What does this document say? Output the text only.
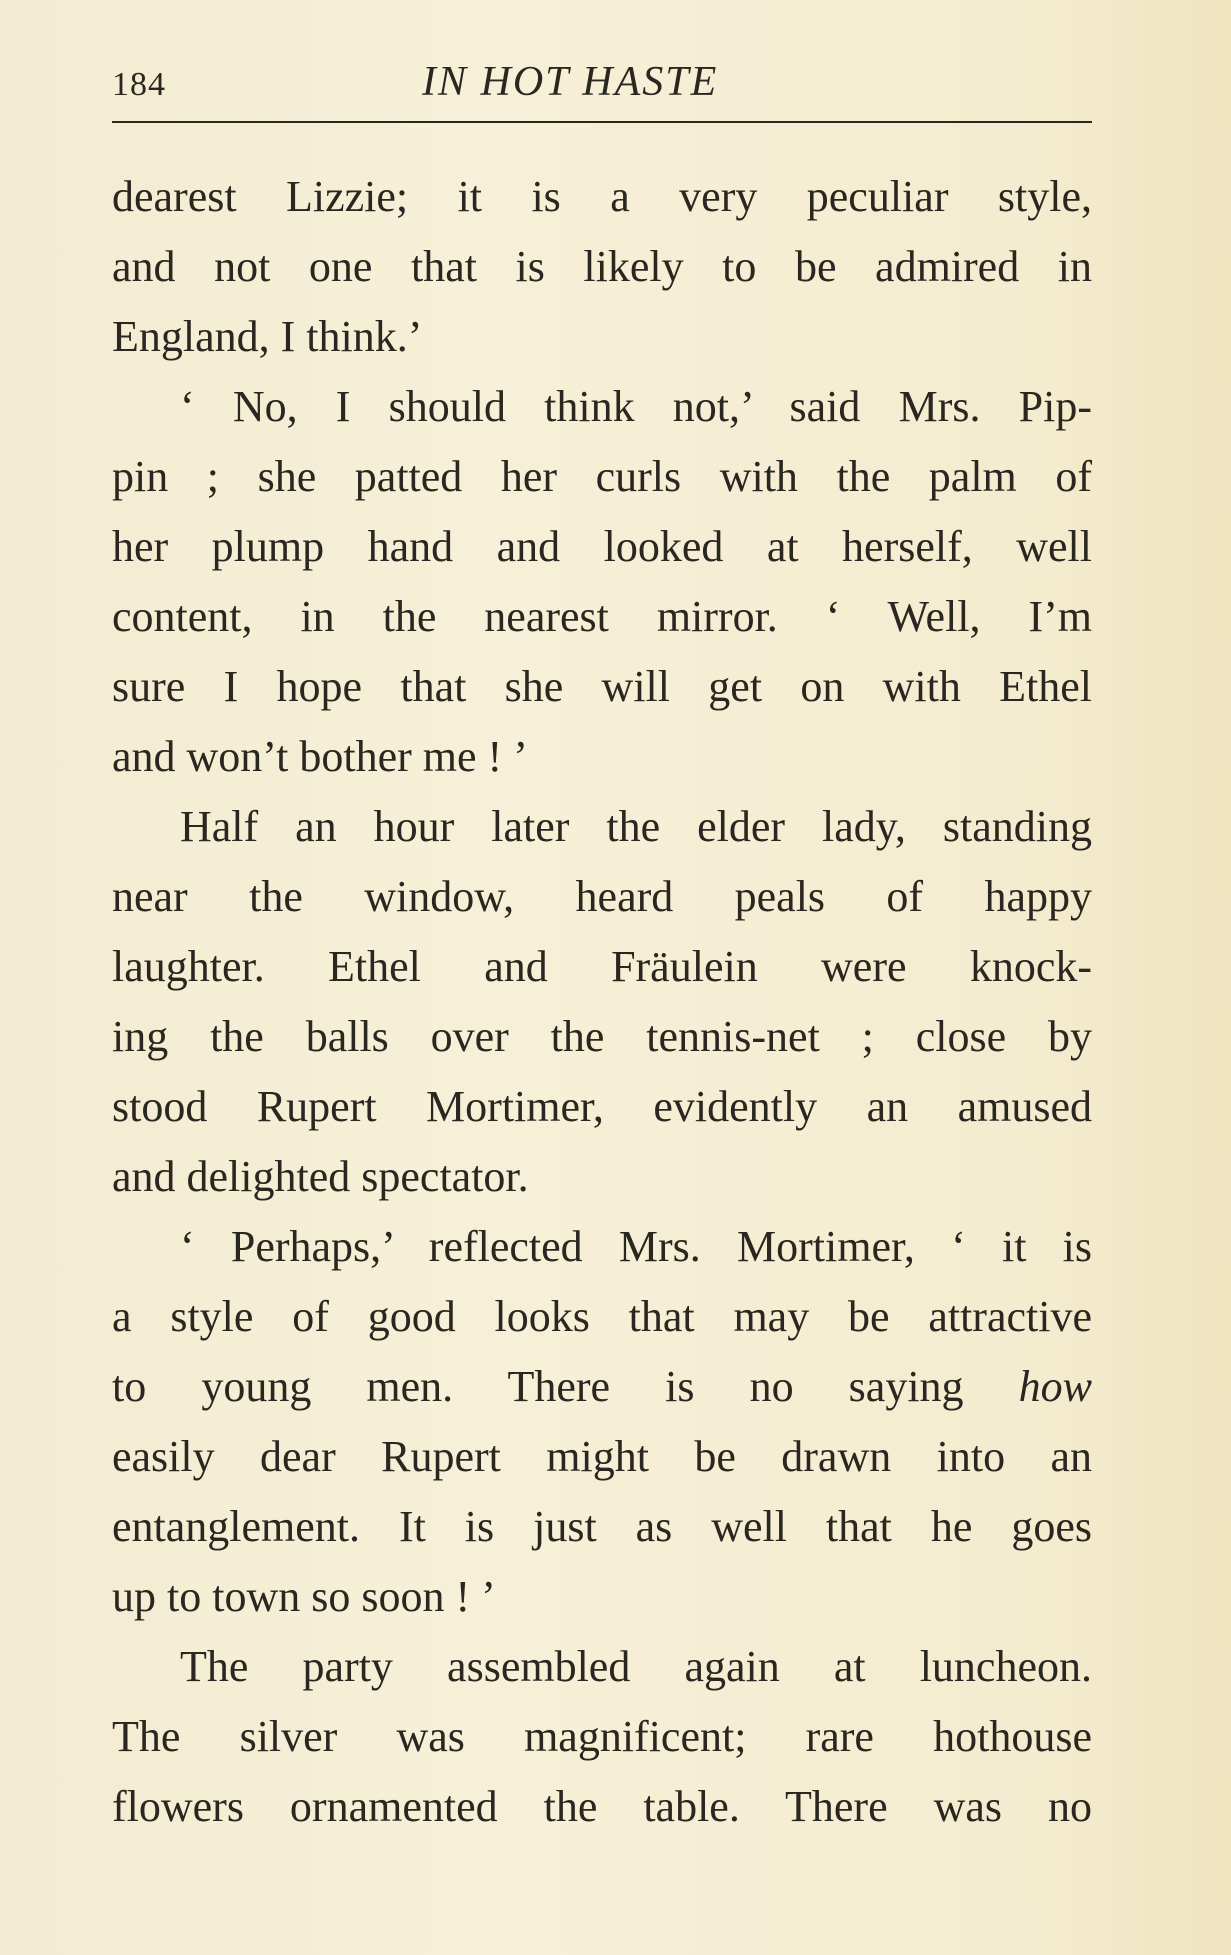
184	IN HOT HASTE
dearest Lizzie; it is a very peculiar style,
and not one that is likely to be admired in
England, I think.’
‘ No, I should think not,’ said Mrs. Pip-
pin ; she patted her curls with the palm of
her plump hand and looked at herself, well
content, in the nearest mirror. ‘ Well, I’m
sure I hope that she will get on with Ethel
and won’t bother me ! ’
Half an hour later the elder lady, standing
near the window, heard peals of happy
laughter. Ethel and Fräulein were knock-
ing the balls over the tennis-net ; close by
stood Rupert Mortimer, evidently an amused
and delighted spectator.
‘ Perhaps,’ reflected Mrs. Mortimer, ‘ it is
a style of good looks that may be attractive
to young men. There is no saying how
easily dear Rupert might be drawn into an
entanglement. It is just as well that he goes
up to town so soon ! ’
The party assembled again at luncheon.
The silver was magnificent; rare hothouse
flowers ornamented the table. There was no
